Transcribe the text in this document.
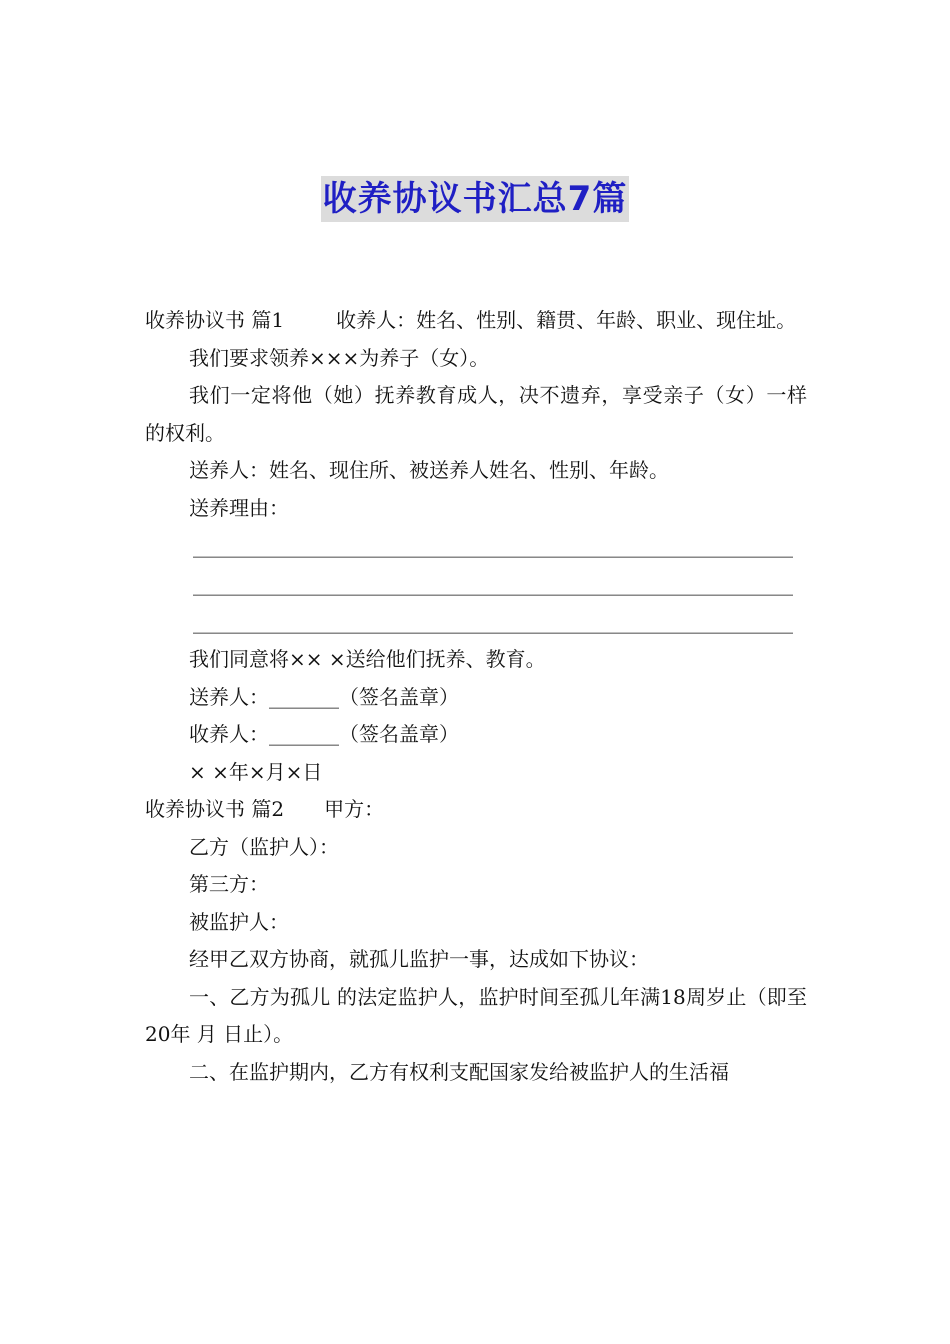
收养协议书汇总7篇

收养协议书 篇1	收养人：姓名、性别、籍贯、年龄、职业、现住址。

我们要求领养×××为养子（女）。

我们一定将他（她）抚养教育成人，决不遗弃，享受亲子（女）一样的权利。

送养人：姓名、现住所、被送养人姓名、性别、年龄。

送养理由：

____________________________________________________________

____________________________________________________________

____________________________________________________________

我们同意将×× ×送给他们抚养、教育。

送养人：_______（签名盖章）

收养人：_______（签名盖章）

× ×年×月×日

收养协议书 篇2 甲方：

乙方（监护人）：

第三方：

被监护人：

经甲乙双方协商，就孤儿监护一事，达成如下协议：

一、乙方为孤儿 的法定监护人，监护时间至孤儿年满18周岁止（即至20年 月 日止）。

二、在监护期内，乙方有权利支配国家发给被监护人的生活福
